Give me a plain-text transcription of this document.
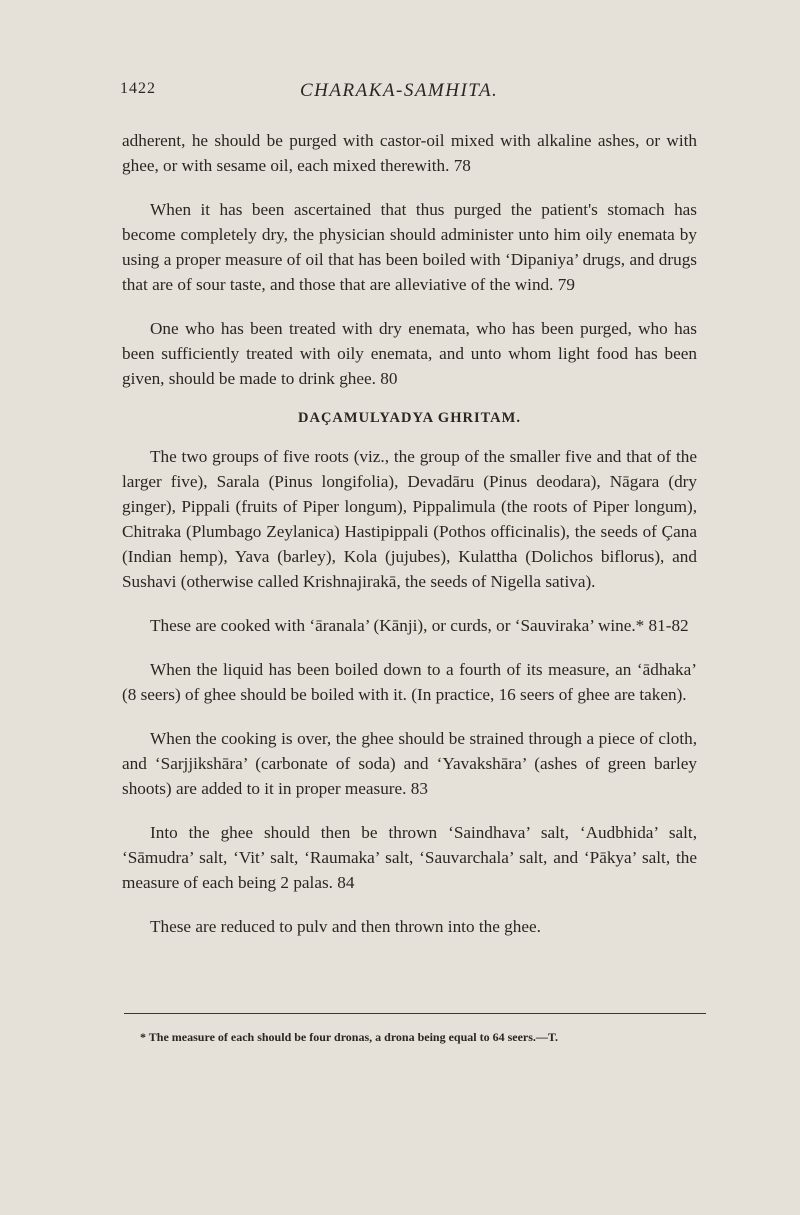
1422	CHARAKA-SAMHITA.

adherent, he should be purged with castor-oil mixed with alkaline ashes, or with ghee, or with sesame oil, each mixed therewith. 78

When it has been ascertained that thus purged the patient's stomach has become completely dry, the physician should administer unto him oily enemata by using a proper measure of oil that has been boiled with ‘Dipaniya’ drugs, and drugs that are of sour taste, and those that are alleviative of the wind. 79

One who has been treated with dry enemata, who has been purged, who has been sufficiently treated with oily enemata, and unto whom light food has been given, should be made to drink ghee. 80

DAÇAMULYADYA GHRITAM.

The two groups of five roots (viz., the group of the smaller five and that of the larger five), Sarala (Pinus longifolia), Devadāru (Pinus deodara), Nāgara (dry ginger), Pippali (fruits of Piper longum), Pippalimula (the roots of Piper longum), Chitraka (Plumbago Zeylanica) Hastipippali (Pothos officinalis), the seeds of Çana (Indian hemp), Yava (barley), Kola (jujubes), Kulattha (Dolichos biflorus), and Sushavi (otherwise called Krishnajirakā, the seeds of Nigella sativa).

These are cooked with ‘āranala’ (Kānji), or curds, or ‘Sauviraka’ wine.* 81-82

When the liquid has been boiled down to a fourth of its measure, an ‘ādhaka’ (8 seers) of ghee should be boiled with it. (In practice, 16 seers of ghee are taken).

When the cooking is over, the ghee should be strained through a piece of cloth, and ‘Sarjjikshāra’ (carbonate of soda) and ‘Yavakshāra’ (ashes of green barley shoots) are added to it in proper measure. 83

Into the ghee should then be thrown ‘Saindhava’ salt, ‘Audbhida’ salt, ‘Sāmudra’ salt, ‘Vit’ salt, ‘Raumaka’ salt, ‘Sauvarchala’ salt, and ‘Pākya’ salt, the measure of each being 2 palas. 84

These are reduced to pulv and then thrown into the ghee.

* The measure of each should be four dronas, a drona being equal to 64 seers.—T.
